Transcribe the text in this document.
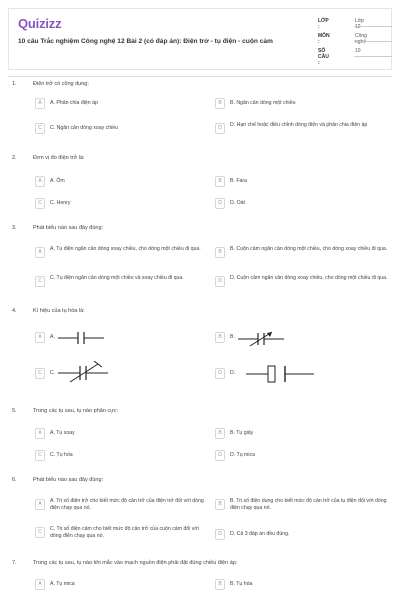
Quizizz
10 câu Trắc nghiệm Công nghệ 12 Bài 2 (có đáp án): Điện trở - tụ điện - cuộn cảm
LỚP :
Lớp 12
MÔN :
Công nghệ
SỐ CÂU :
10
1.	Điện trở có công dụng:
A	A. Phân chia điện áp	B	B. Ngăn cản dòng một chiều
C	C. Ngăn cản dòng xoay chiều	D	D. Hạn chế hoặc điều chỉnh dòng điện và phân chia điện áp
2.	Đơn vị đo điện trở là:
A	A. Ôm	B	B. Fara
C	C. Henry	D	D. Oát
3.	Phát biểu nào sau đây đúng:
A	A. Tụ điện ngăn cản dòng xoay chiều, cho dòng một chiều đi qua.	B	B. Cuộn cảm ngăn cản dòng một chiều, cho dòng xoay chiều đi qua.
C	C. Tụ điện ngăn cản dòng một chiều và xoay chiều đi qua.	D	D. Cuộn cảm ngăn cản dòng xoay chiều, cho dòng một chiều đi qua.
4.	Kí hiệu của tụ hóa là:
A	A.	B	B.
C	C.	D	D.
5.	Trong các tụ sau, tụ nào phân cực:
A	A. Tụ xoay	B	B. Tụ giấy
C	C. Tụ hóa	D	D. Tụ mica
6.	Phát biểu nào sau đây đúng:
A	A. Trị số điện trở cho biết mức độ cản trở của điện trở đối với dòng điện chạy qua nó.
B	B. Trị số điện dung cho biết mức độ cản trở của tụ điện đối với dòng điện chạy qua nó.
C	C. Trị số điện cảm cho biết mức độ cản trở của cuộn cảm đối với dòng điện chạy qua nó.	D	D. Cả 3 đáp án đều đúng.
7.	Trong các tụ sau, tụ nào khi mắc vào mạch nguồn điện phải đặt đúng chiều điện áp:
A	A. Tụ mica	B	B. Tụ hóa
